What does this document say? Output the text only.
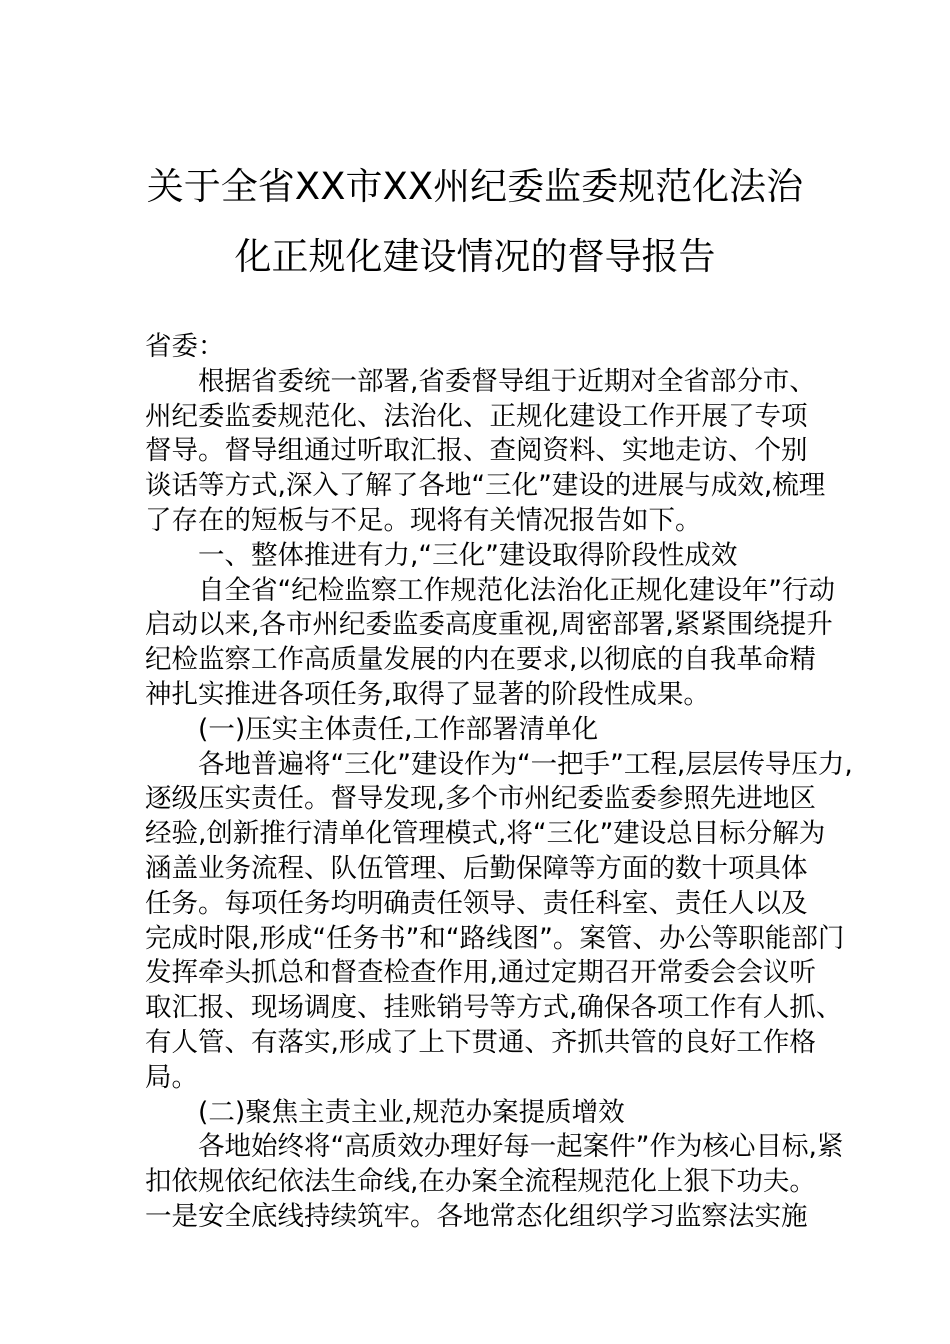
关于全省XX市XX州纪委监委规范化法治
化正规化建设情况的督导报告
省委：
根据省委统一部署,省委督导组于近期对全省部分市、
州纪委监委规范化、法治化、正规化建设工作开展了专项
督导。督导组通过听取汇报、查阅资料、实地走访、个别
谈话等方式,深入了解了各地“三化”建设的进展与成效,梳理
了存在的短板与不足。现将有关情况报告如下。
一、整体推进有力,“三化”建设取得阶段性成效
自全省“纪检监察工作规范化法治化正规化建设年”行动
启动以来,各市州纪委监委高度重视,周密部署,紧紧围绕提升
纪检监察工作高质量发展的内在要求,以彻底的自我革命精
神扎实推进各项任务,取得了显著的阶段性成果。
(一)压实主体责任,工作部署清单化
各地普遍将“三化”建设作为“一把手”工程,层层传导压力,
逐级压实责任。督导发现,多个市州纪委监委参照先进地区
经验,创新推行清单化管理模式,将“三化”建设总目标分解为
涵盖业务流程、队伍管理、后勤保障等方面的数十项具体
任务。每项任务均明确责任领导、责任科室、责任人以及
完成时限,形成“任务书”和“路线图”。案管、办公等职能部门
发挥牵头抓总和督查检查作用,通过定期召开常委会会议听
取汇报、现场调度、挂账销号等方式,确保各项工作有人抓、
有人管、有落实,形成了上下贯通、齐抓共管的良好工作格
局。
(二)聚焦主责主业,规范办案提质增效
各地始终将“高质效办理好每一起案件”作为核心目标,紧
扣依规依纪依法生命线,在办案全流程规范化上狠下功夫。
一是安全底线持续筑牢。各地常态化组织学习监察法实施
